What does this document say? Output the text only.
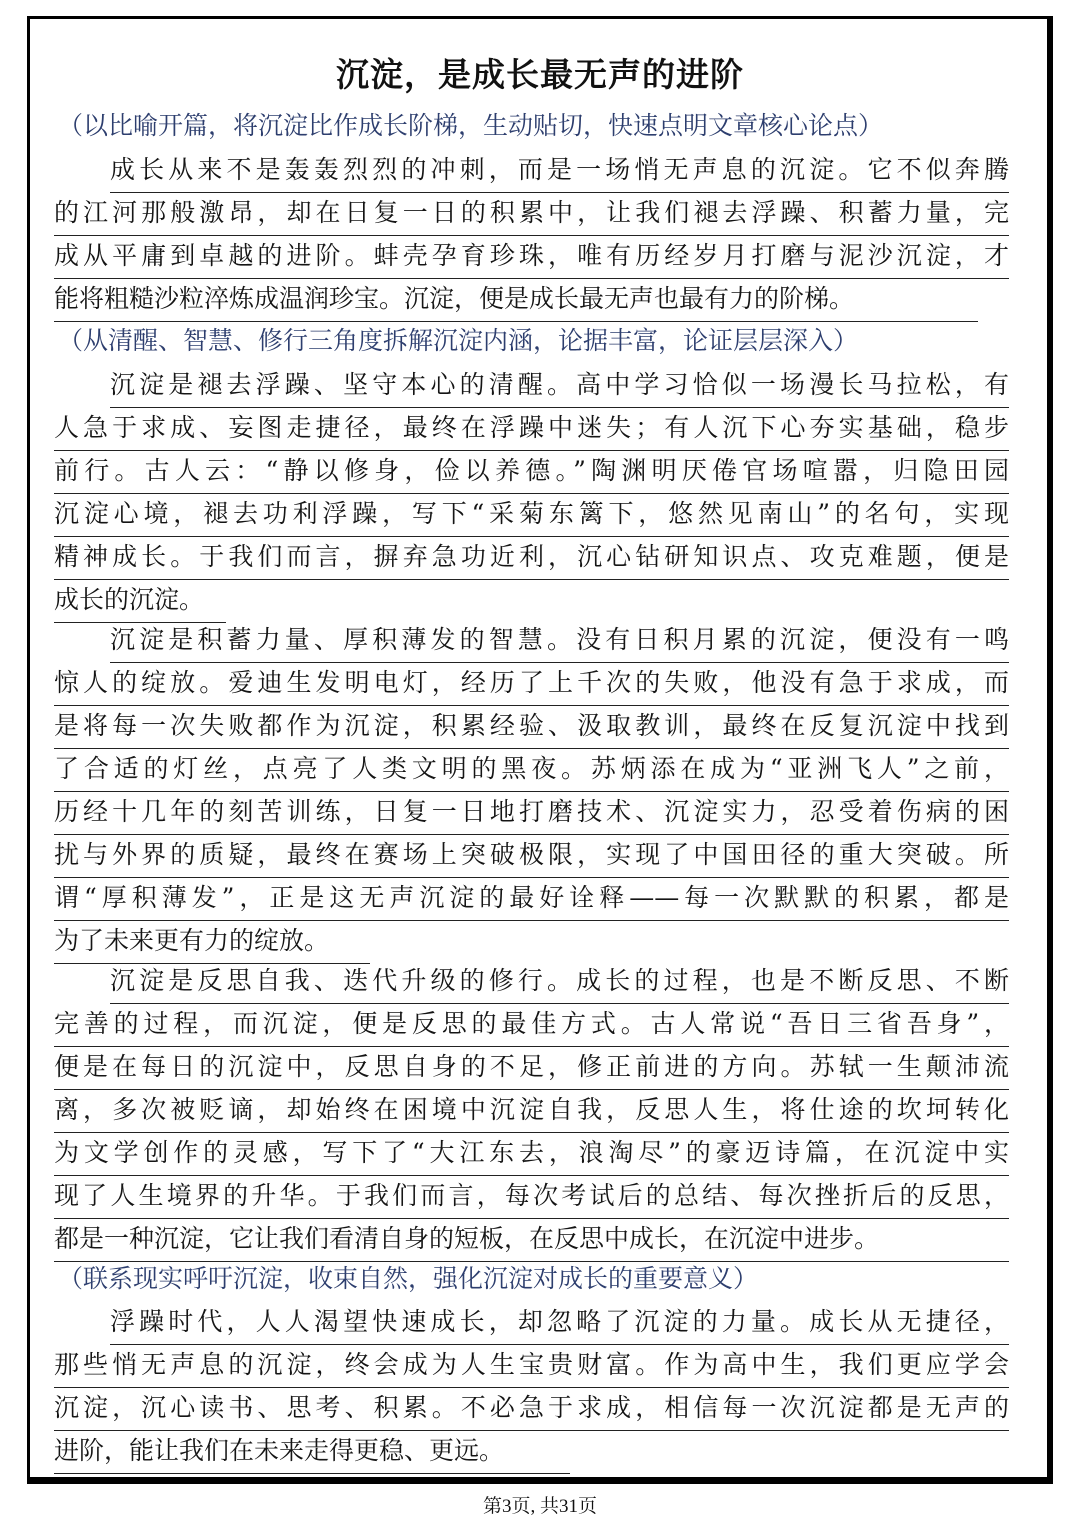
沉淀，是成长最无声的进阶
（以比喻开篇，将沉淀比作成长阶梯，生动贴切，快速点明文章核心论点）
成长从来不是轰轰烈烈的冲刺，而是一场悄无声息的沉淀。它不似奔腾
的江河那般激昂，却在日复一日的积累中，让我们褪去浮躁、积蓄力量，完
成从平庸到卓越的进阶。蚌壳孕育珍珠，唯有历经岁月打磨与泥沙沉淀，才
能将粗糙沙粒淬炼成温润珍宝。沉淀，便是成长最无声也最有力的阶梯。
（从清醒、智慧、修行三角度拆解沉淀内涵，论据丰富，论证层层深入）
沉淀是褪去浮躁、坚守本心的清醒。高中学习恰似一场漫长马拉松，有
人急于求成、妄图走捷径，最终在浮躁中迷失；有人沉下心夯实基础，稳步
前行。古人云：“静以修身，俭以养德。”陶渊明厌倦官场喧嚣，归隐田园
沉淀心境，褪去功利浮躁，写下“采菊东篱下，悠然见南山”的名句，实现
精神成长。于我们而言，摒弃急功近利，沉心钻研知识点、攻克难题，便是
成长的沉淀。
沉淀是积蓄力量、厚积薄发的智慧。没有日积月累的沉淀，便没有一鸣
惊人的绽放。爱迪生发明电灯，经历了上千次的失败，他没有急于求成，而
是将每一次失败都作为沉淀，积累经验、汲取教训，最终在反复沉淀中找到
了合适的灯丝，点亮了人类文明的黑夜。苏炳添在成为“亚洲飞人”之前，
历经十几年的刻苦训练，日复一日地打磨技术、沉淀实力，忍受着伤病的困
扰与外界的质疑，最终在赛场上突破极限，实现了中国田径的重大突破。所
谓“厚积薄发”，正是这无声沉淀的最好诠释——每一次默默的积累，都是
为了未来更有力的绽放。
沉淀是反思自我、迭代升级的修行。成长的过程，也是不断反思、不断
完善的过程，而沉淀，便是反思的最佳方式。古人常说“吾日三省吾身”，
便是在每日的沉淀中，反思自身的不足，修正前进的方向。苏轼一生颠沛流
离，多次被贬谪，却始终在困境中沉淀自我，反思人生，将仕途的坎坷转化
为文学创作的灵感，写下了“大江东去，浪淘尽”的豪迈诗篇，在沉淀中实
现了人生境界的升华。于我们而言，每次考试后的总结、每次挫折后的反思，
都是一种沉淀，它让我们看清自身的短板，在反思中成长，在沉淀中进步。
（联系现实呼吁沉淀，收束自然，强化沉淀对成长的重要意义）
浮躁时代，人人渴望快速成长，却忽略了沉淀的力量。成长从无捷径，
那些悄无声息的沉淀，终会成为人生宝贵财富。作为高中生，我们更应学会
沉淀，沉心读书、思考、积累。不必急于求成，相信每一次沉淀都是无声的
进阶，能让我们在未来走得更稳、更远。
第3页, 共31页
